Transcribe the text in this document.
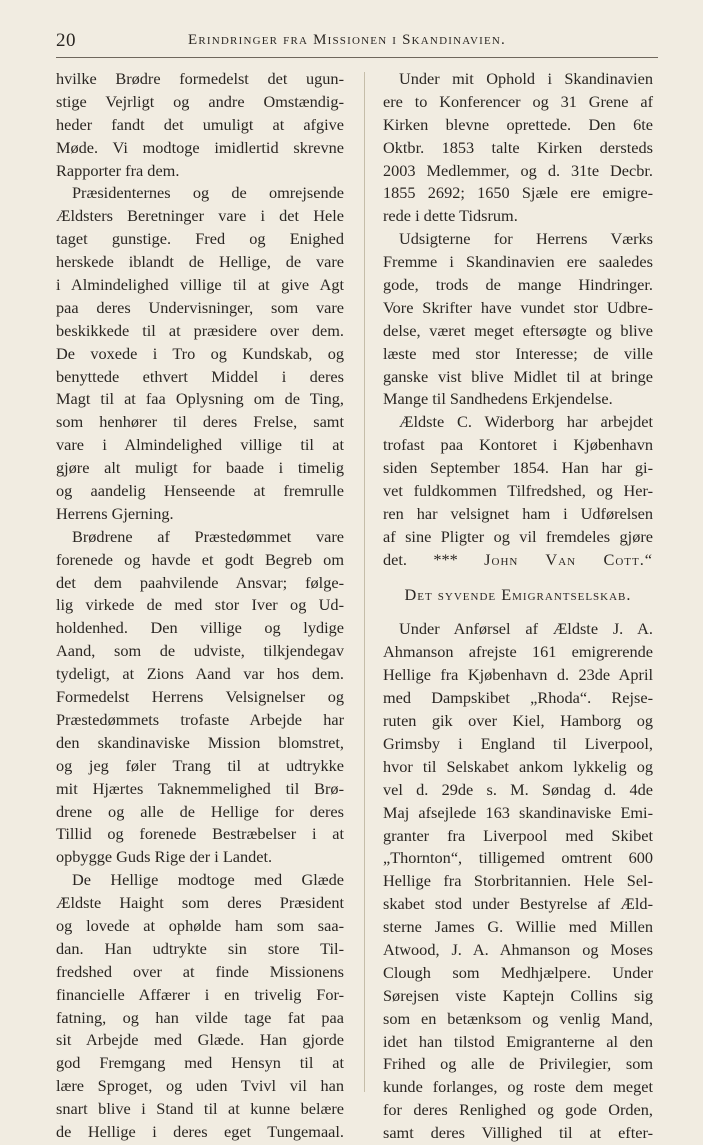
20	Erindringer fra Missionen i Skandinavien.
hvilke Brødre formedelst det ugun-
stige Vejrligt og andre Omstændig-
heder fandt det umuligt at afgive
Møde. Vi modtoge imidlertid skrevne
Rapporter fra dem.
Præsidenternes og de omrejsende
Ældsters Beretninger vare i det Hele
taget gunstige. Fred og Enighed
herskede iblandt de Hellige, de vare
i Almindelighed villige til at give Agt
paa deres Undervisninger, som vare
beskikkede til at præsidere over dem.
De voxede i Tro og Kundskab, og
benyttede ethvert Middel i deres
Magt til at faa Oplysning om de Ting,
som henhører til deres Frelse, samt
vare i Almindelighed villige til at
gjøre alt muligt for baade i timelig
og aandelig Henseende at fremrulle
Herrens Gjerning.
Brødrene af Præstedømmet vare
forenede og havde et godt Begreb om
det dem paahvilende Ansvar; følge-
lig virkede de med stor Iver og Ud-
holdenhed. Den villige og lydige
Aand, som de udviste, tilkjendegav
tydeligt, at Zions Aand var hos dem.
Formedelst Herrens Velsignelser og
Præstedømmets trofaste Arbejde har
den skandinaviske Mission blomstret,
og jeg føler Trang til at udtrykke
mit Hjærtes Taknemmelighed til Brø-
drene og alle de Hellige for deres
Tillid og forenede Bestræbelser i at
opbygge Guds Rige der i Landet.
De Hellige modtoge med Glæde
Ældste Haight som deres Præsident
og lovede at ophølde ham som saa-
dan. Han udtrykte sin store Til-
fredshed over at finde Missionens
financielle Affærer i en trivelig For-
fatning, og han vilde tage fat paa
sit Arbejde med Glæde. Han gjorde
god Fremgang med Hensyn til at
lære Sproget, og uden Tvivl vil han
snart blive i Stand til at kunne belære
de Hellige i deres eget Tungemaal.
Under mit Ophold i Skandinavien
ere to Konferencer og 31 Grene af
Kirken blevne oprettede. Den 6te
Oktbr. 1853 talte Kirken dersteds
2003 Medlemmer, og d. 31te Decbr.
1855 2692; 1650 Sjæle ere emigre-
rede i dette Tidsrum.
Udsigterne for Herrens Værks
Fremme i Skandinavien ere saaledes
gode, trods de mange Hindringer.
Vore Skrifter have vundet stor Udbre-
delse, været meget eftersøgte og blive
læste med stor Interesse; de ville
ganske vist blive Midlet til at bringe
Mange til Sandhedens Erkjendelse.
Ældste C. Widerborg har arbejdet
trofast paa Kontoret i Kjøbenhavn
siden September 1854. Han har gi-
vet fuldkommen Tilfredshed, og Her-
ren har velsignet ham i Udførelsen
af sine Pligter og vil fremdeles gjøre
det. *** John Van Cott.“
Det syvende Emigrantselskab.
Under Anførsel af Ældste J. A.
Ahmanson afrejste 161 emigrerende
Hellige fra Kjøbenhavn d. 23de April
med Dampskibet „Rhoda“. Rejse-
ruten gik over Kiel, Hamborg og
Grimsby i England til Liverpool,
hvor til Selskabet ankom lykkelig og
vel d. 29de s. M. Søndag d. 4de
Maj afsejlede 163 skandinaviske Emi-
granter fra Liverpool med Skibet
„Thornton“, tilligemed omtrent 600
Hellige fra Storbritannien. Hele Sel-
skabet stod under Bestyrelse af Æld-
sterne James G. Willie med Millen
Atwood, J. A. Ahmanson og Moses
Clough som Medhjælpere. Under
Sørejsen viste Kaptejn Collins sig
som en betænksom og venlig Mand,
idet han tilstod Emigranterne al den
Frihed og alle de Privilegier, som
kunde forlanges, og roste dem meget
for deres Renlighed og gode Orden,
samt deres Villighed til at efter-
